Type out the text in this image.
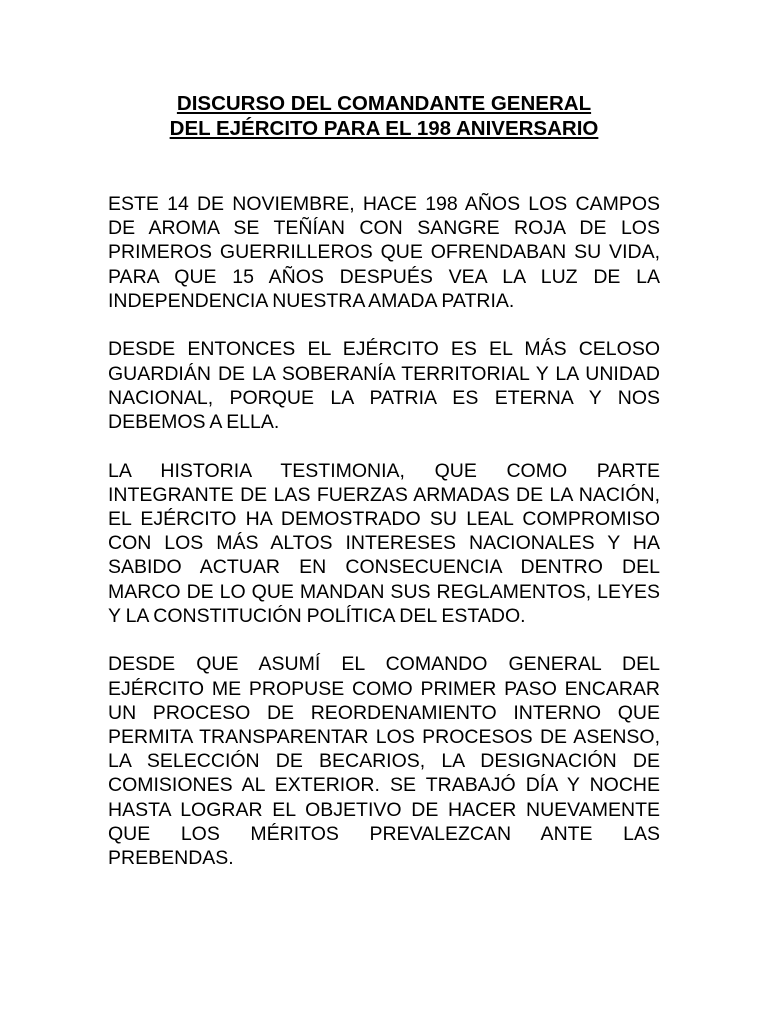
DISCURSO DEL COMANDANTE GENERAL
DEL EJÉRCITO PARA EL 198 ANIVERSARIO

ESTE 14 DE NOVIEMBRE, HACE 198 AÑOS LOS CAMPOS DE AROMA SE TEÑÍAN CON SANGRE ROJA DE LOS PRIMEROS GUERRILLEROS QUE OFRENDABAN SU VIDA, PARA QUE 15 AÑOS DESPUÉS VEA LA LUZ DE LA INDEPENDENCIA NUESTRA AMADA PATRIA.

DESDE ENTONCES EL EJÉRCITO ES EL MÁS CELOSO GUARDIÁN DE LA SOBERANÍA TERRITORIAL Y LA UNIDAD NACIONAL, PORQUE LA PATRIA ES ETERNA Y NOS DEBEMOS A ELLA.

LA HISTORIA TESTIMONIA, QUE COMO PARTE INTEGRANTE DE LAS FUERZAS ARMADAS DE LA NACIÓN, EL EJÉRCITO HA DEMOSTRADO SU LEAL COMPROMISO CON LOS MÁS ALTOS INTERESES NACIONALES Y HA SABIDO ACTUAR EN CONSECUENCIA DENTRO DEL MARCO DE LO QUE MANDAN SUS REGLAMENTOS, LEYES Y LA CONSTITUCIÓN POLÍTICA DEL ESTADO.

DESDE QUE ASUMÍ EL COMANDO GENERAL DEL EJÉRCITO ME PROPUSE COMO PRIMER PASO ENCARAR UN PROCESO DE REORDENAMIENTO INTERNO QUE PERMITA TRANSPARENTAR LOS PROCESOS DE ASENSO, LA SELECCIÓN DE BECARIOS, LA DESIGNACIÓN DE COMISIONES AL EXTERIOR. SE TRABAJÓ DÍA Y NOCHE HASTA LOGRAR EL OBJETIVO DE HACER NUEVAMENTE QUE LOS MÉRITOS PREVALEZCAN ANTE LAS PREBENDAS.
